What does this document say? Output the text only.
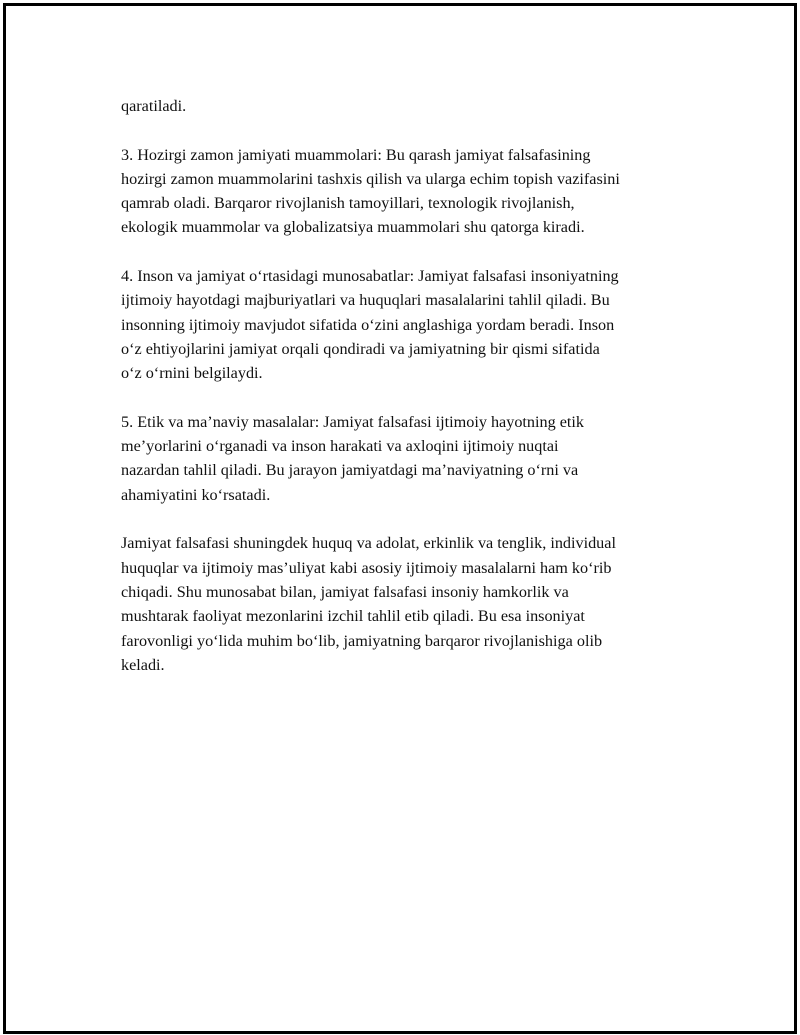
qaratiladi.

3. Hozirgi zamon jamiyati muammolari: Bu qarash jamiyat falsafasining
hozirgi zamon muammolarini tashxis qilish va ularga echim topish vazifasini
qamrab oladi. Barqaror rivojlanish tamoyillari, texnologik rivojlanish,
ekologik muammolar va globalizatsiya muammolari shu qatorga kiradi.

4. Inson va jamiyat o‘rtasidagi munosabatlar: Jamiyat falsafasi insoniyatning
ijtimoiy hayotdagi majburiyatlari va huquqlari masalalarini tahlil qiladi. Bu
insonning ijtimoiy mavjudot sifatida o‘zini anglashiga yordam beradi. Inson
o‘z ehtiyojlarini jamiyat orqali qondiradi va jamiyatning bir qismi sifatida
o‘z o‘rnini belgilaydi.

5. Etik va ma’naviy masalalar: Jamiyat falsafasi ijtimoiy hayotning etik
me’yorlarini o‘rganadi va inson harakati va axloqini ijtimoiy nuqtai
nazardan tahlil qiladi. Bu jarayon jamiyatdagi ma’naviyatning o‘rni va
ahamiyatini ko‘rsatadi.

Jamiyat falsafasi shuningdek huquq va adolat, erkinlik va tenglik, individual
huquqlar va ijtimoiy mas’uliyat kabi asosiy ijtimoiy masalalarni ham ko‘rib
chiqadi. Shu munosabat bilan, jamiyat falsafasi insoniy hamkorlik va
mushtarak faoliyat mezonlarini izchil tahlil etib qiladi. Bu esa insoniyat
farovonligi yo‘lida muhim bo‘lib, jamiyatning barqaror rivojlanishiga olib
keladi.
